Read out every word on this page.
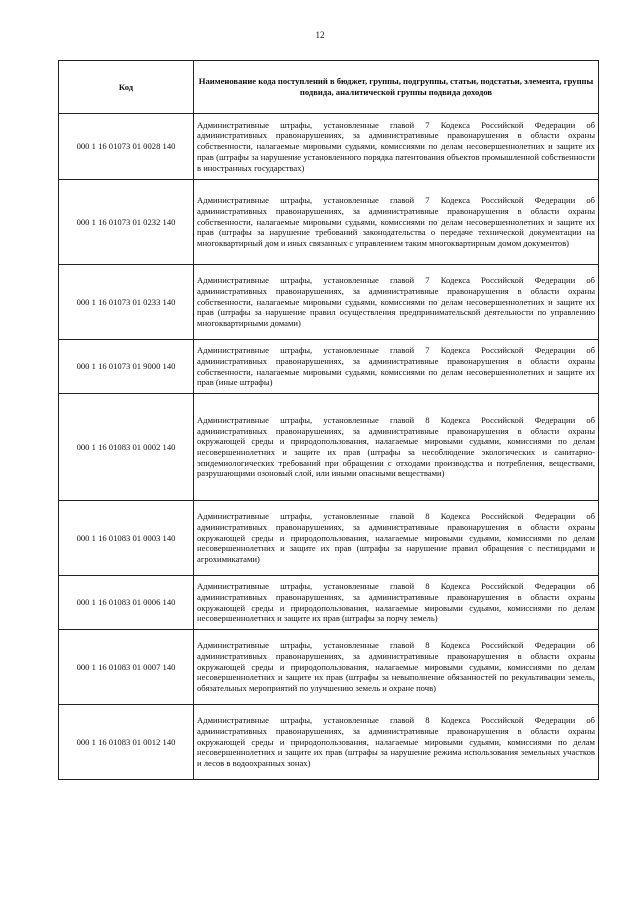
12
Код	Наименование кода поступлений в бюджет, группы, подгруппы, статьи, подстатьи, элемента, группы подвида, аналитической группы подвида доходов
000 1 16 01073 01 0028 140	Административные штрафы, установленные главой 7 Кодекса Российской Федерации об административных правонарушениях, за административные правонарушения в области охраны собственности, налагаемые мировыми судьями, комиссиями по делам несовершеннолетних и защите их прав (штрафы за нарушение установленного порядка патентования объектов промышленной собственности в иностранных государствах)
000 1 16 01073 01 0232 140	Административные штрафы, установленные главой 7 Кодекса Российской Федерации об административных правонарушениях, за административные правонарушения в области охраны собственности, налагаемые мировыми судьями, комиссиями по делам несовершеннолетних и защите их прав (штрафы за нарушение требований законодательства о передаче технической документации на многоквартирный дом и иных связанных с управлением таким многоквартирным домом документов)
000 1 16 01073 01 0233 140	Административные штрафы, установленные главой 7 Кодекса Российской Федерации об административных правонарушениях, за административные правонарушения в области охраны собственности, налагаемые мировыми судьями, комиссиями по делам несовершеннолетних и защите их прав (штрафы за нарушение правил осуществления предпринимательской деятельности по управлению многоквартирными домами)
000 1 16 01073 01 9000 140	Административные штрафы, установленные главой 7 Кодекса Российской Федерации об административных правонарушениях, за административные правонарушения в области охраны собственности, налагаемые мировыми судьями, комиссиями по делам несовершеннолетних и защите их прав (иные штрафы)
000 1 16 01083 01 0002 140	Административные штрафы, установленные главой 8 Кодекса Российской Федерации об административных правонарушениях, за административные правонарушения в области охраны окружающей среды и природопользования, налагаемые мировыми судьями, комиссиями по делам несовершеннолетних и защите их прав (штрафы за несоблюдение экологических и санитарно-эпидемиологических требований при обращении с отходами производства и потребления, веществами, разрушающими озоновый слой, или иными опасными веществами)
000 1 16 01083 01 0003 140	Административные штрафы, установленные главой 8 Кодекса Российской Федерации об административных правонарушениях, за административные правонарушения в области охраны окружающей среды и природопользования, налагаемые мировыми судьями, комиссиями по делам несовершеннолетних и защите их прав (штрафы за нарушение правил обращения с пестицидами и агрохимикатами)
000 1 16 01083 01 0006 140	Административные штрафы, установленные главой 8 Кодекса Российской Федерации об административных правонарушениях, за административные правонарушения в области охраны окружающей среды и природопользования, налагаемые мировыми судьями, комиссиями по делам несовершеннолетних и защите их прав (штрафы за порчу земель)
000 1 16 01083 01 0007 140	Административные штрафы, установленные главой 8 Кодекса Российской Федерации об административных правонарушениях, за административные правонарушения в области охраны окружающей среды и природопользования, налагаемые мировыми судьями, комиссиями по делам несовершеннолетних и защите их прав (штрафы за невыполнение обязанностей по рекультивации земель, обязательных мероприятий по улучшению земель и охране почв)
000 1 16 01083 01 0012 140	Административные штрафы, установленные главой 8 Кодекса Российской Федерации об административных правонарушениях, за административные правонарушения в области охраны окружающей среды и природопользования, налагаемые мировыми судьями, комиссиями по делам несовершеннолетних и защите их прав (штрафы за нарушение режима использования земельных участков и лесов в водоохранных зонах)
